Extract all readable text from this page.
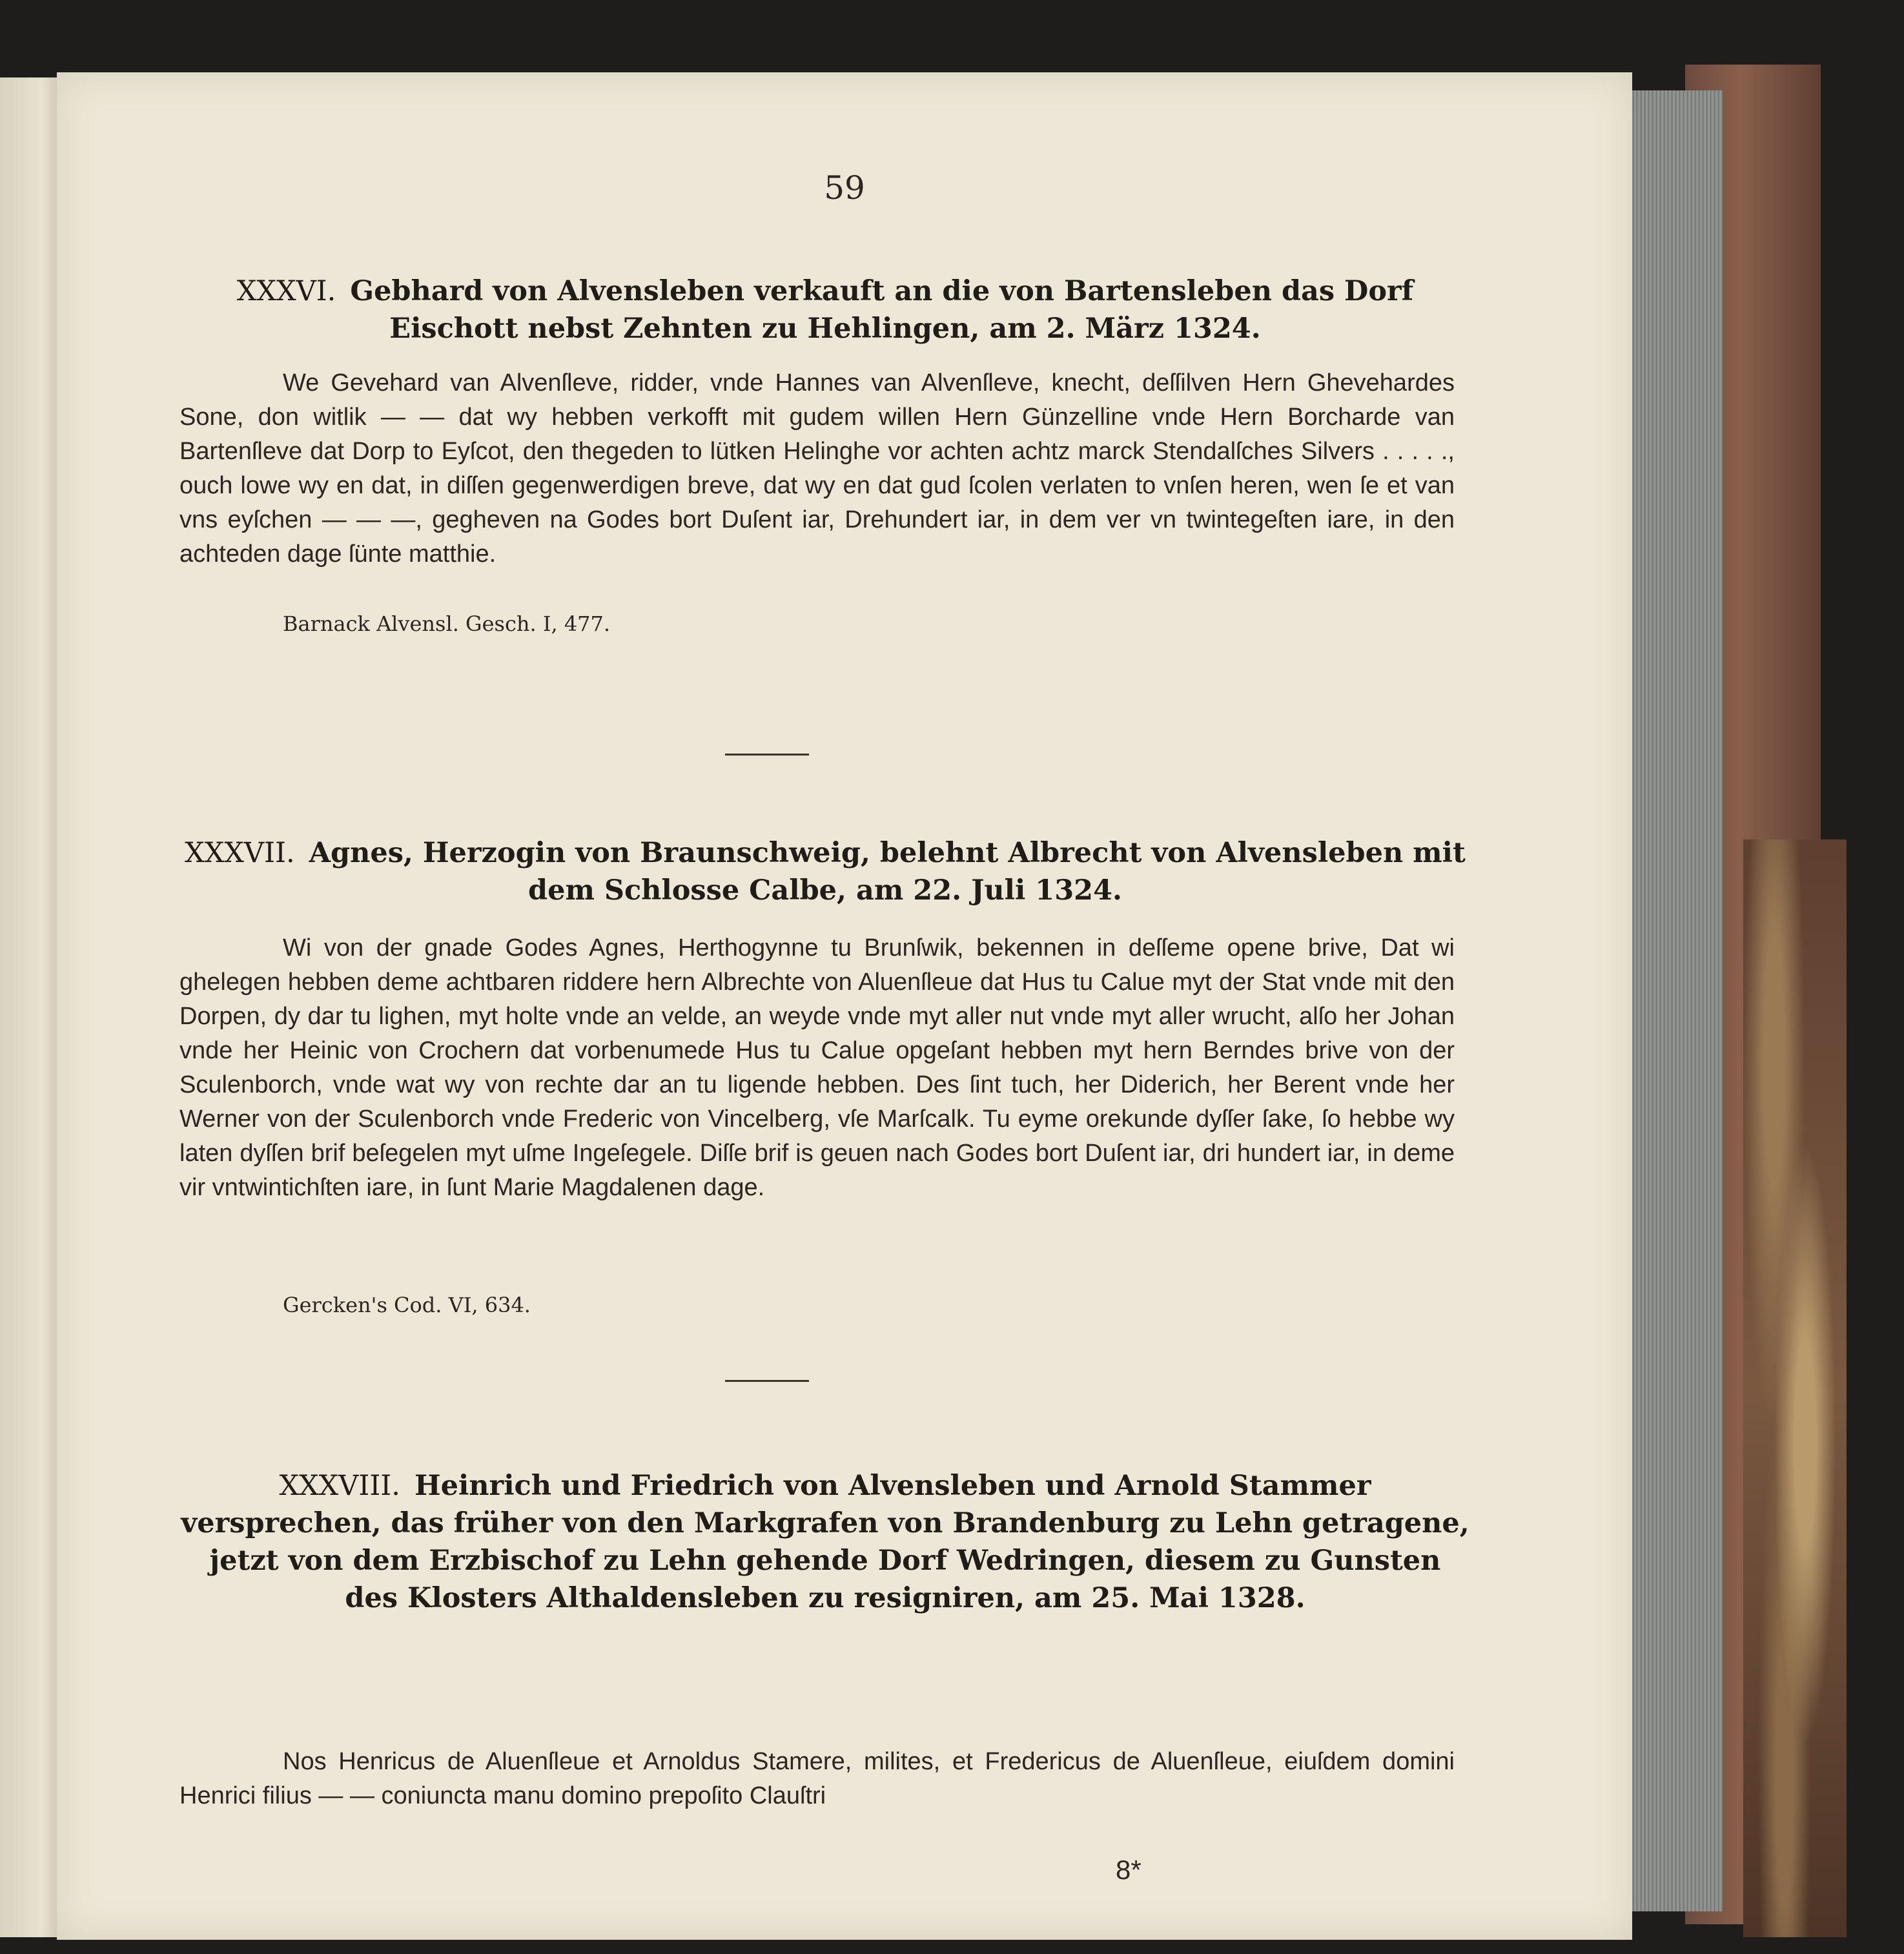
59
XXXVI. Gebhard von Alvensleben verkauft an die von Bartensleben das Dorf Eischott nebst Zehnten zu Hehlingen, am 2. März 1324.
We Gevehard van Alvenſleve, ridder, vnde Hannes van Alvenſleve, knecht, deſſilven Hern Ghevehardes Sone, don witlik — — dat wy hebben verkofft mit gudem willen Hern Günzelline vnde Hern Borcharde van Bartenſleve dat Dorp to Eyſcot, den thegeden to lütken Helinghe vor achten achtz marck Stendalſches Silvers . . . . ., ouch lowe wy en dat, in diſſen gegenwerdigen breve, dat wy en dat gud ſcolen verlaten to vnſen heren, wen ſe et van vns eyſchen — — —, gegheven na Godes bort Duſent iar, Drehundert iar, in dem ver vn twintegeſten iare, in den achteden dage ſünte matthie.
Barnack Alvensl. Gesch. I, 477.
XXXVII. Agnes, Herzogin von Braunschweig, belehnt Albrecht von Alvensleben mit dem Schlosse Calbe, am 22. Juli 1324.
Wi von der gnade Godes Agnes, Herthogynne tu Brunſwik, bekennen in deſſeme opene brive, Dat wi ghelegen hebben deme achtbaren riddere hern Albrechte von Aluenſleue dat Hus tu Calue myt der Stat vnde mit den Dorpen, dy dar tu lighen, myt holte vnde an velde, an weyde vnde myt aller nut vnde myt aller wrucht, alſo her Johan vnde her Heinic von Crochern dat vorbenumede Hus tu Calue opgeſant hebben myt hern Berndes brive von der Sculenborch, vnde wat wy von rechte dar an tu ligende hebben. Des ſint tuch, her Diderich, her Berent vnde her Werner von der Sculenborch vnde Frederic von Vincelberg, vſe Marſcalk. Tu eyme orekunde dyſſer ſake, ſo hebbe wy laten dyſſen brif beſegelen myt uſme Ingeſegele. Diſſe brif is geuen nach Godes bort Duſent iar, dri hundert iar, in deme vir vntwintichſten iare, in ſunt Marie Magdalenen dage.
Gercken's Cod. VI, 634.
XXXVIII. Heinrich und Friedrich von Alvensleben und Arnold Stammer versprechen, das früher von den Markgrafen von Brandenburg zu Lehn getragene, jetzt von dem Erzbischof zu Lehn gehende Dorf Wedringen, diesem zu Gunsten des Klosters Althaldensleben zu resigniren, am 25. Mai 1328.
Nos Henricus de Aluenſleue et Arnoldus Stamere, milites, et Fredericus de Aluenſleue, eiuſdem domini Henrici filius — — coniuncta manu domino prepoſito Clauſtri
8*
